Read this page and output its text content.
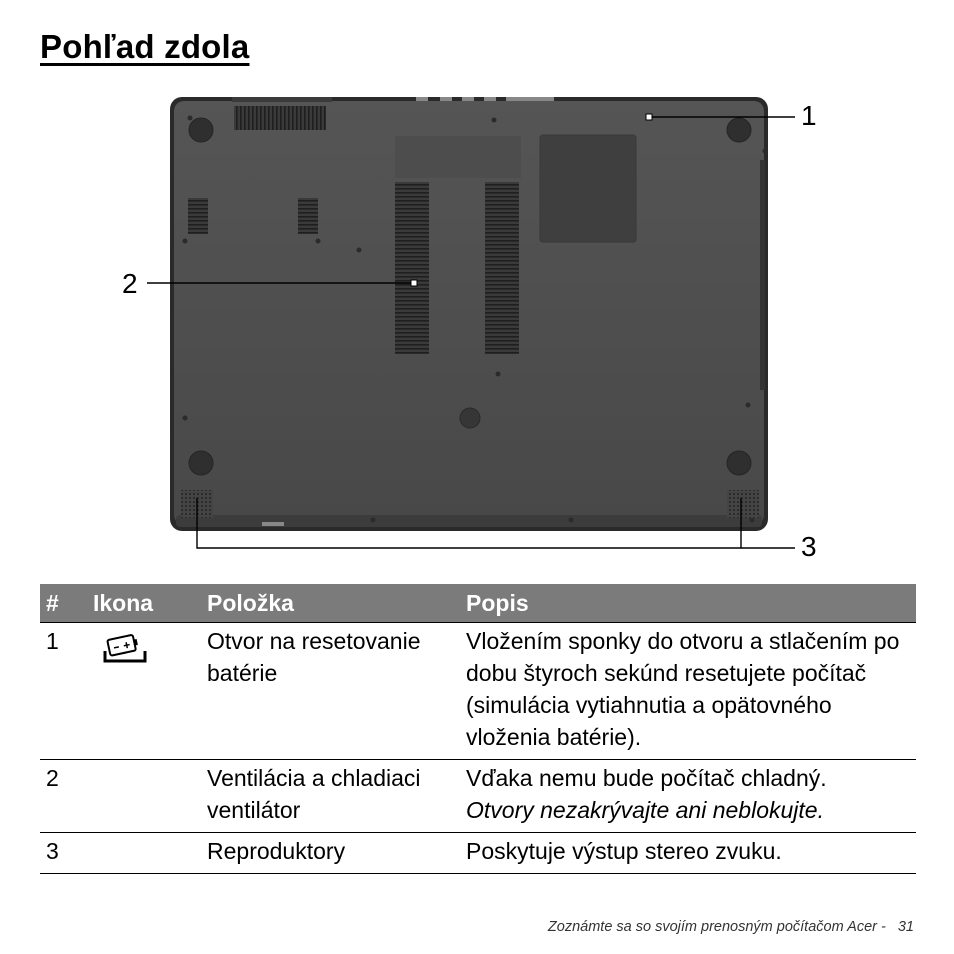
Pohľad zdola
1
2
3
#	Ikona	Položka	Popis
1		Otvor na resetovanie batérie	Vložením sponky do otvoru a stlačením po dobu štyroch sekúnd resetujete počítač (simulácia vytiahnutia a opätovného vloženia batérie).
2		Ventilácia a chladiaci ventilátor	Vďaka nemu bude počítač chladný.
Otvory nezakrývajte ani neblokujte.

3		Reproduktory	Poskytuje výstup stereo zvuku.
Zoznámte sa so svojím prenosným počítačom Acer - 31
